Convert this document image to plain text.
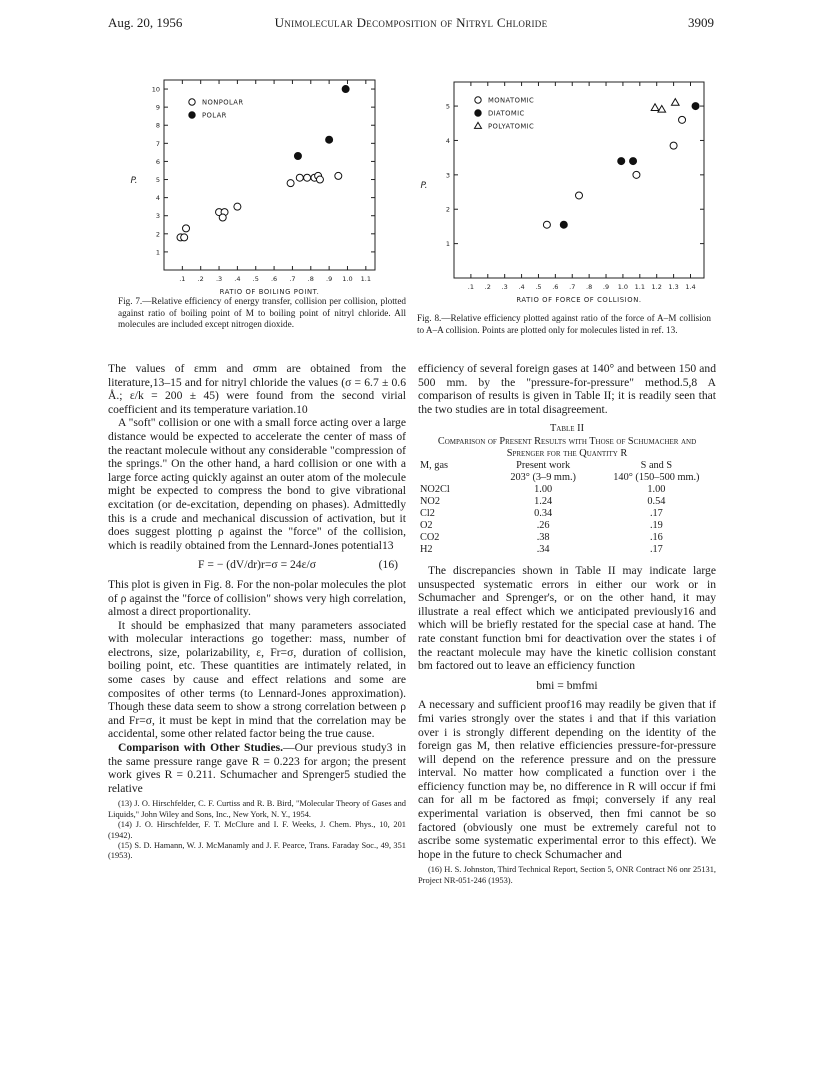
Aug. 20, 1956	Unimolecular Decomposition of Nitryl Chloride	3909
.1 .2 .3 .4 .5 .6 .7 .8 .9 1.0 1.1
1
2
3
4
5
6
7
8
9
10
RATIO OF BOILING POINT.
P.
NONPOLAR
POLAR
Fig. 7.—Relative efficiency of energy transfer, collision per collision, plotted against ratio of boiling point of M to boiling point of nitryl chloride. All molecules are included except nitrogen dioxide.
.1 .2 .3 .4 .5 .6 .7 .8 .9 1.0 1.1 1.2 1.3 1.4
1
2
3
4
5
RATIO OF FORCE OF COLLISION.
P.
MONATOMIC
DIATOMIC
POLYATOMIC
Fig. 8.—Relative efficiency plotted against ratio of the force of A–M collision to A–A collision. Points are plotted only for molecules listed in ref. 13.

The values of εmm and σmm are obtained from the literature,13–15 and for nitryl chloride the values (σ = 6.7 ± 0.6 Å.; ε/k = 200 ± 45) were found from the second virial coefficient and its temperature variation.10

A "soft" collision or one with a small force acting over a large distance would be expected to accelerate the center of mass of the reactant molecule without any considerable "compression of the springs." On the other hand, a hard collision or one with a large force acting quickly against an outer atom of the molecule might be expected to compress the bond to give vibrational excitation (or de-excitation, depending on phases). Admittedly this is a crude and mechanical discussion of activation, but it does suggest plotting ρ against the "force" of the collision, which is readily obtained from the Lennard-Jones potential13

F = − (dV/dr)r=σ = 24ε/σ	(16)

This plot is given in Fig. 8. For the non-polar molecules the plot of ρ against the "force of collision" shows very high correlation, almost a direct proportionality.

It should be emphasized that many parameters associated with molecular interactions go together: mass, number of electrons, size, polarizability, ε, Fr=σ, duration of collision, boiling point, etc. These quantities are intimately related, in some cases by cause and effect relations and some are composites of other terms (to Lennard-Jones approximation). Though these data seem to show a strong correlation between ρ and Fr=σ, it must be kept in mind that the correlation may be accidental, some other related factor being the true cause.

Comparison with Other Studies.—Our previous study3 in the same pressure range gave R = 0.223 for argon; the present work gives R = 0.211. Schumacher and Sprenger5 studied the relative

(13) J. O. Hirschfelder, C. F. Curtiss and R. B. Bird, "Molecular Theory of Gases and Liquids," John Wiley and Sons, Inc., New York, N. Y., 1954.

(14) J. O. Hirschfelder, F. T. McClure and I. F. Weeks, J. Chem. Phys., 10, 201 (1942).

(15) S. D. Hamann, W. J. McManamly and J. F. Pearce, Trans. Faraday Soc., 49, 351 (1953).

efficiency of several foreign gases at 140° and between 150 and 500 mm. by the "pressure-for-pressure" method.5,8 A comparison of results is given in Table II; it is readily seen that the two studies are in total disagreement.

Table II
Comparison of Present Results with Those of Schumacher and Sprenger for the Quantity R
M, gas	Present work	S and S
	203° (3–9 mm.)	140° (150–500 mm.)
NO2Cl	1.00	1.00
NO2	1.24	0.54
Cl2	0.34	.17
O2	.26	.19
CO2	.38	.16
H2	.34	.17

The discrepancies shown in Table II may indicate large unsuspected systematic errors in either our work or in Schumacher and Sprenger's, or on the other hand, it may illustrate a real effect which we anticipated previously16 and which will be briefly restated for the special case at hand. The rate constant function bmi for deactivation over the states i of the reactant molecule may have the kinetic collision constant bm factored out to leave an efficiency function

bmi = bmfmi

A necessary and sufficient proof16 may readily be given that if fmi varies strongly over the states i and that if this variation over i is strongly different depending on the identity of the foreign gas M, then relative efficiencies pressure-for-pressure will depend on the reference pressure and on the pressure interval. No matter how complicated a function over i the efficiency function may be, no difference in R will occur if fmi can for all m be factored as fmφi; conversely if any real experimental variation is observed, then fmi cannot be so factored (obviously one must be extremely careful not to ascribe some systematic experimental error to this effect). We hope in the future to check Schumacher and

(16) H. S. Johnston, Third Technical Report, Section 5, ONR Contract N6 onr 25131, Project NR-051-246 (1953).
